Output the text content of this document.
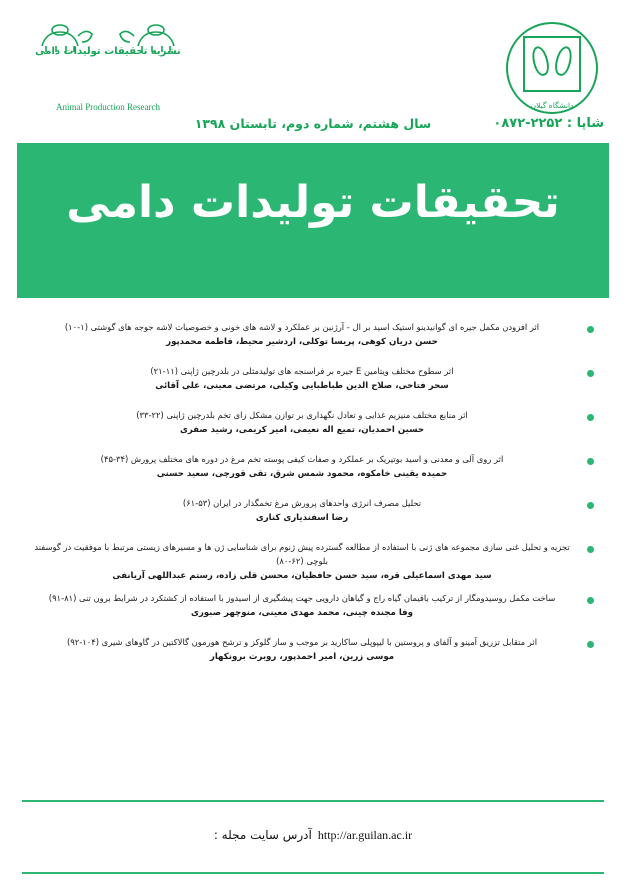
دانشگاه گیلان
نشریه تحقیقات تولیدات دامی
Animal Production Research
شاپا : ۲۲۵۲-۰۸۷۲
سال هشتم، شماره دوم، تابستان ۱۳۹۸
تحقیقات تولیدات دامی
اثر افزودن مکمل جیره ای گوانیدینو استیک اسید بر ال - آرژنین بر عملکرد و لاشه های خونی و خصوصیات لاشه جوجه های گوشتی (۱-۱۰)
حسن دریان کوهی، پریسا توکلی، اردشیر محیط، فاطمه محمدپور
اثر سطوح مختلف ویتامین E جیره بر فراسنجه های تولیدمثلی در بلدرچین ژاپنی (۱۱-۲۱)
سحر فتاحی، صلاح الدین طباطبایی وکیلی، مرتضی معینی، علی آقائی
اثر منابع مختلف منیزیم غذایی و تعادل نگهداری بر توازن مشکل زای تخم بلدرچین ژاپنی (۲۲-۳۳)
حسین احمدیان، تمیع اله نعیمی، امیر کریمی، رشید صفری
اثر روی آلی و معدنی و اسید بوتیریک بر عملکرد و صفات کیفی پوسته تخم مرغ در دوره های مختلف پرورش (۳۴-۴۵)
حمیده یقینی خامکوه، محمود شمس شرق، تقی قورچی، سعید حسنی
تحلیل مصرف انرژی واحدهای پرورش مرغ تخمگذار در ایران (۵۳-۶۱)
رضا اسفندیاری کناری
تجزیه و تحلیل غنی سازی مجموعه های ژنی با استفاده از مطالعه گسترده پیش ژنوم برای شناسایی ژن ها و مسیرهای زیستی مرتبط با موفقیت در گوسفند بلوچی (۶۲-۸۰)
سید مهدی اسماعیلی قره، سید حسن حافظیان، محسن قلی زاده، رستم عبداللهی آریانفی
ساخت مکمل روسیدومگار از ترکیب باقیمان گیاه راج و گیاهان دارویی جهت پیشگیری از اسیدوز با استفاده از کشتکرد در شرایط برون تنی (۸۱-۹۱)
وفا مجنده چینی، محمد مهدی معینی، منوچهر صبوری
اثر متقابل تزریق آمینو و آلفای و پروستین با لیپوپلی ساکارید بر موجب و ساز گلوکز و ترشح هورمون گالاکتین در گاوهای شیری (۱۰۴-۹۲)
موسی زرین، امیر احمدپور، روبرت برونکهار
http://ar.guilan.ac.irآدرس سایت مجله :
